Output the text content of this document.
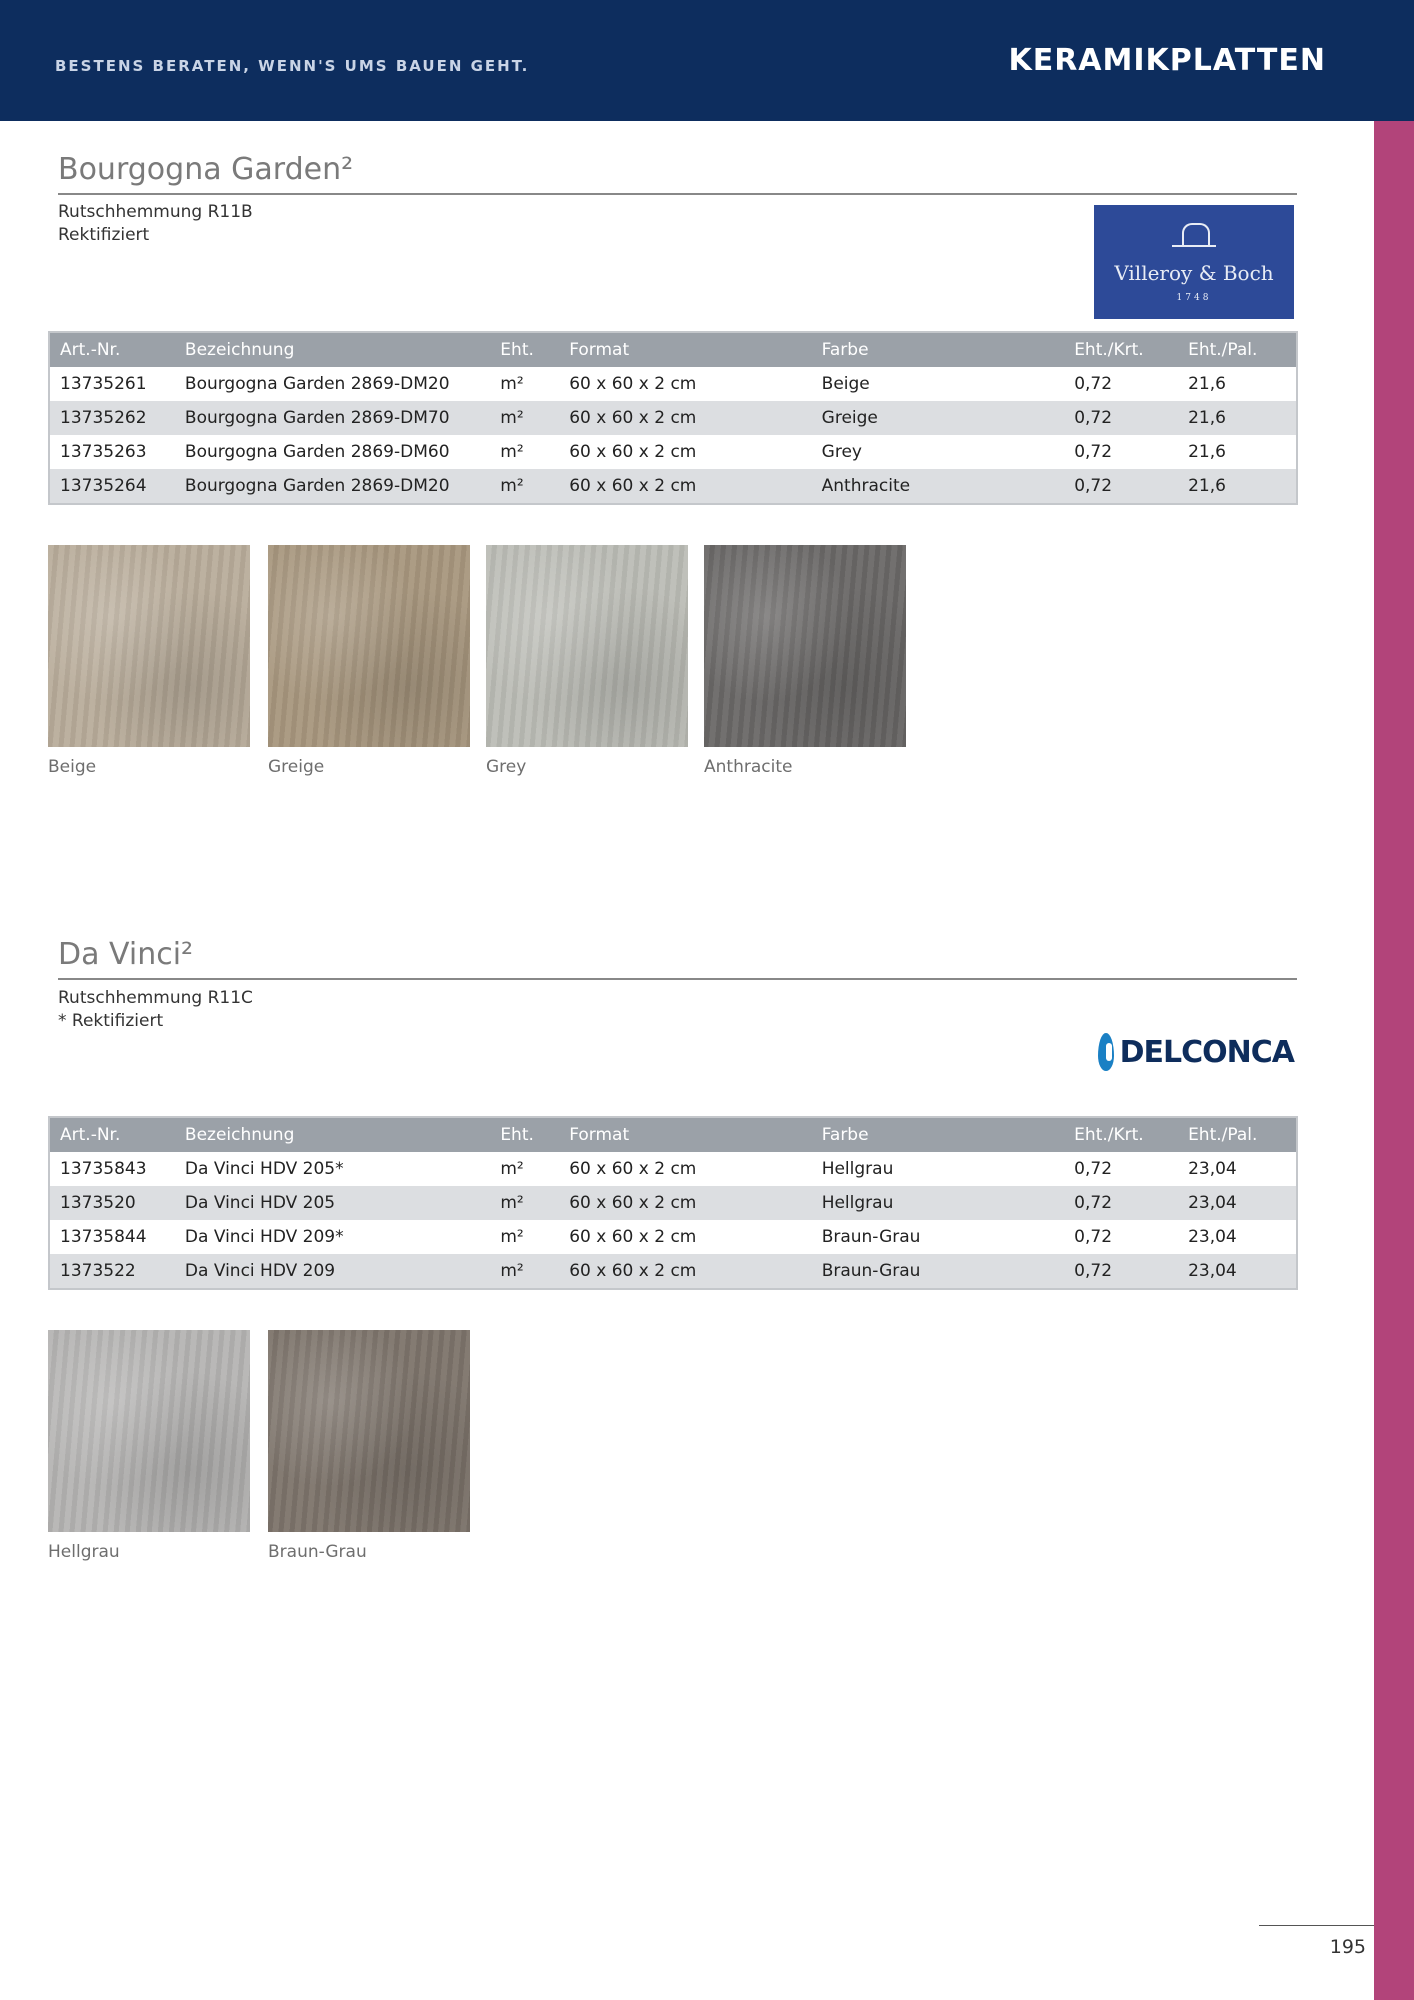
BESTENS BERATEN, WENN'S UMS BAUEN GEHT.	KERAMIKPLATTEN
Bourgogna Garden²
Rutschhemmung R11B
Rektifiziert
Villeroy & Boch
1748
Art.-Nr.	Bezeichnung	Eht.	Format	Farbe	Eht./Krt.	Eht./Pal.
13735261	Bourgogna Garden 2869-DM20	m²	60 x 60 x 2 cm	Beige	0,72	21,6
13735262	Bourgogna Garden 2869-DM70	m²	60 x 60 x 2 cm	Greige	0,72	21,6
13735263	Bourgogna Garden 2869-DM60	m²	60 x 60 x 2 cm	Grey	0,72	21,6
13735264	Bourgogna Garden 2869-DM20	m²	60 x 60 x 2 cm	Anthracite	0,72	21,6
Beige	Greige	Grey	Anthracite
Da Vinci²
Rutschhemmung R11C
* Rektifiziert
DELCONCA
Art.-Nr.	Bezeichnung	Eht.	Format	Farbe	Eht./Krt.	Eht./Pal.
13735843	Da Vinci HDV 205*	m²	60 x 60 x 2 cm	Hellgrau	0,72	23,04
1373520	Da Vinci HDV 205	m²	60 x 60 x 2 cm	Hellgrau	0,72	23,04
13735844	Da Vinci HDV 209*	m²	60 x 60 x 2 cm	Braun-Grau	0,72	23,04
1373522	Da Vinci HDV 209	m²	60 x 60 x 2 cm	Braun-Grau	0,72	23,04
Hellgrau	Braun-Grau
195
